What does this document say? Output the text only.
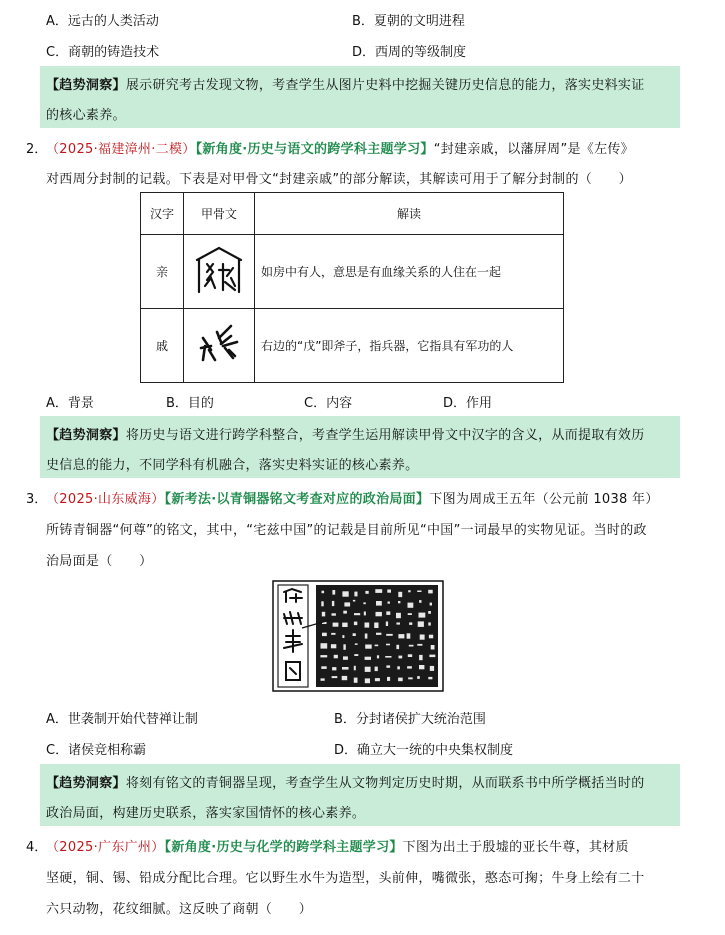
A．远古的人类活动	B．夏朝的文明进程
C．商朝的铸造技术	D．西周的等级制度
【趋势洞察】展示研究考古发现文物，考查学生从图片史料中挖掘关键历史信息的能力，落实史料实证
的核心素养。
2．
（2025·福建漳州·二模）【新角度·历史与语文的跨学科主题学习】“封建亲戚，以藩屏周”是《左传》
对西周分封制的记载。下表是对甲骨文“封建亲戚”的部分解读，其解读可用于了解分封制的（　　）
汉字	甲骨文	解读
亲		如房中有人，意思是有血缘关系的人住在一起
戚		右边的“戊”即斧子，指兵器，它指具有军功的人
A．背景	B．目的	C．内容	D．作用
【趋势洞察】将历史与语文进行跨学科整合，考查学生运用解读甲骨文中汉字的含义，从而提取有效历
史信息的能力，不同学科有机融合，落实史料实证的核心素养。
3．
（2025·山东威海）【新考法·以青铜器铭文考查对应的政治局面】下图为周成王五年（公元前 1038 年）
所铸青铜器“何尊”的铭文，其中，“宅兹中国”的记载是目前所见“中国”一词最早的实物见证。当时的政
治局面是（　　）
A．世袭制开始代替禅让制	B．分封诸侯扩大统治范围
C．诸侯竞相称霸	D．确立大一统的中央集权制度
【趋势洞察】将刻有铭文的青铜器呈现，考查学生从文物判定历史时期，从而联系书中所学概括当时的
政治局面，构建历史联系，落实家国情怀的核心素养。
4．
（2025·广东广州）【新角度·历史与化学的跨学科主题学习】下图为出土于殷墟的亚长牛尊，其材质
坚硬，铜、锡、铅成分配比合理。它以野生水牛为造型，头前伸，嘴微张，憨态可掬；牛身上绘有二十
六只动物，花纹细腻。这反映了商朝（　　）
